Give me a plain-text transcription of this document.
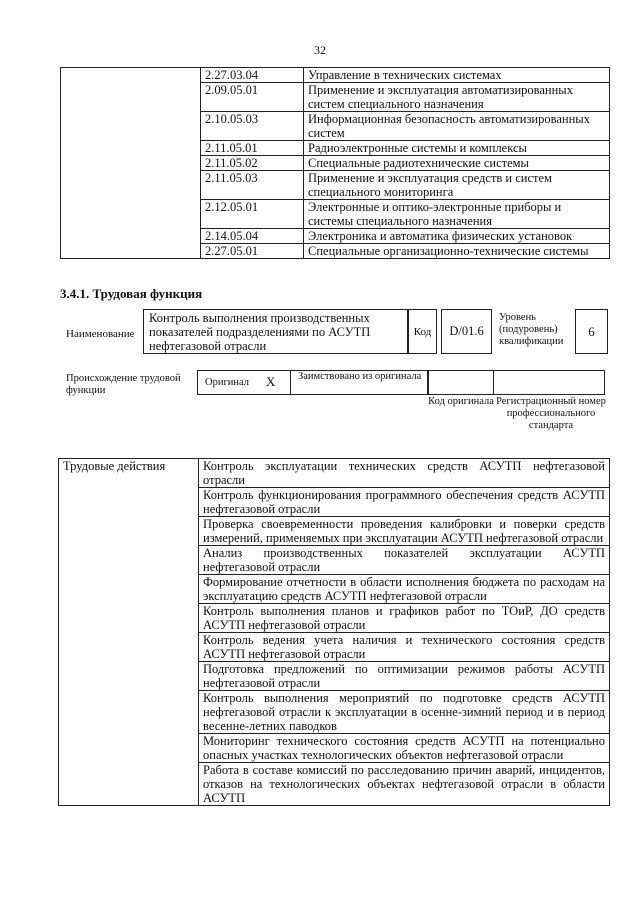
32
	2.27.03.04	Управление в технических системах
	2.09.05.01	Применение и эксплуатация автоматизированных систем специального назначения
	2.10.05.03	Информационная безопасность автоматизированных систем
	2.11.05.01	Радиоэлектронные системы и комплексы
	2.11.05.02	Специальные радиотехнические системы
	2.11.05.03	Применение и эксплуатация средств и систем специального мониторинга
	2.12.05.01	Электронные и оптико-электронные приборы и системы специального назначения
	2.14.05.04	Электроника и автоматика физических установок
	2.27.05.01	Специальные организационно-технические системы
3.4.1. Трудовая функция
Наименование
Контроль выполнения производственных показателей подразделениями по АСУТП нефтегазовой отрасли
Код D/01.6
Уровень (подуровень) квалификации
6
Происхождение трудовой функции
Оригинал X Заимствовано из оригинала
Код оригинала Регистрационный номер профессионального стандарта
Трудовые действия	Контроль эксплуатации технических средств АСУТП нефтегазовой отрасли
Контроль функционирования программного обеспечения средств АСУТП нефтегазовой отрасли
Проверка своевременности проведения калибровки и поверки средств измерений, применяемых при эксплуатации АСУТП нефтегазовой отрасли
Анализ производственных показателей эксплуатации АСУТП нефтегазовой отрасли
Формирование отчетности в области исполнения бюджета по расходам на эксплуатацию средств АСУТП нефтегазовой отрасли
Контроль выполнения планов и графиков работ по ТОиР, ДО средств АСУТП нефтегазовой отрасли
Контроль ведения учета наличия и технического состояния средств АСУТП нефтегазовой отрасли
Подготовка предложений по оптимизации режимов работы АСУТП нефтегазовой отрасли
Контроль выполнения мероприятий по подготовке средств АСУТП нефтегазовой отрасли к эксплуатации в осенне-зимний период и в период весенне-летних паводков
Мониторинг технического состояния средств АСУТП на потенциально опасных участках технологических объектов нефтегазовой отрасли
Работа в составе комиссий по расследованию причин аварий, инцидентов, отказов на технологических объектах нефтегазовой отрасли в области АСУТП
